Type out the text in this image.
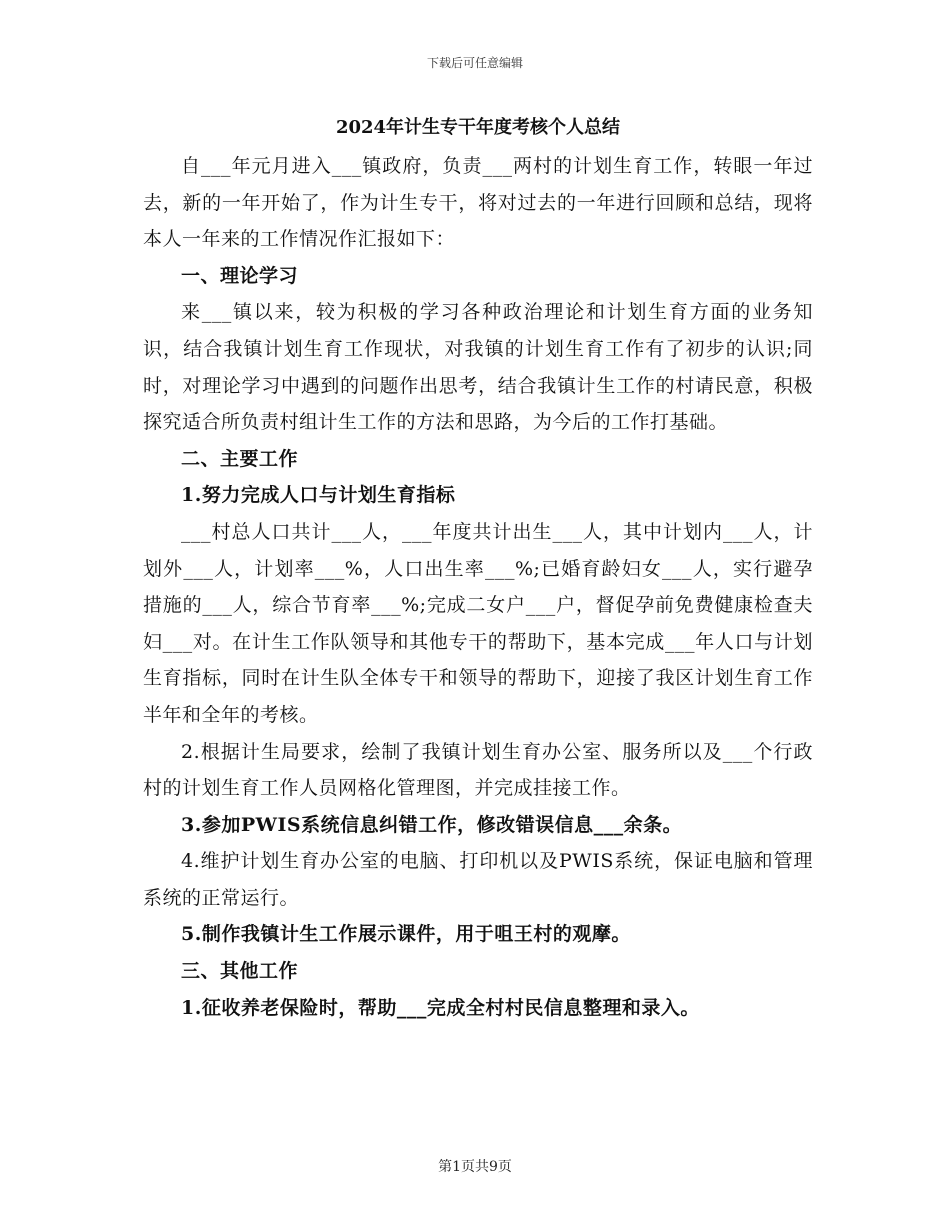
下载后可任意编辑

2024年计生专干年度考核个人总结

自___年元月进入___镇政府，负责___两村的计划生育工作，转眼一年过去，新的一年开始了，作为计生专干，将对过去的一年进行回顾和总结，现将本人一年来的工作情况作汇报如下：

一、理论学习

来___镇以来，较为积极的学习各种政治理论和计划生育方面的业务知识，结合我镇计划生育工作现状，对我镇的计划生育工作有了初步的认识;同时，对理论学习中遇到的问题作出思考，结合我镇计生工作的村请民意，积极探究适合所负责村组计生工作的方法和思路，为今后的工作打基础。

二、主要工作

1.努力完成人口与计划生育指标

___村总人口共计___人，___年度共计出生___人，其中计划内___人，计划外___人，计划率___%，人口出生率___%;已婚育龄妇女___人，实行避孕措施的___人，综合节育率___%;完成二女户___户，督促孕前免费健康检查夫妇___对。在计生工作队领导和其他专干的帮助下，基本完成___年人口与计划生育指标，同时在计生队全体专干和领导的帮助下，迎接了我区计划生育工作半年和全年的考核。

2.根据计生局要求，绘制了我镇计划生育办公室、服务所以及___个行政村的计划生育工作人员网格化管理图，并完成挂接工作。

3.参加PWIS系统信息纠错工作，修改错误信息___余条。

4.维护计划生育办公室的电脑、打印机以及PWIS系统，保证电脑和管理系统的正常运行。

5.制作我镇计生工作展示课件，用于咀王村的观摩。

三、其他工作

1.征收养老保险时，帮助___完成全村村民信息整理和录入。

第1页共9页
